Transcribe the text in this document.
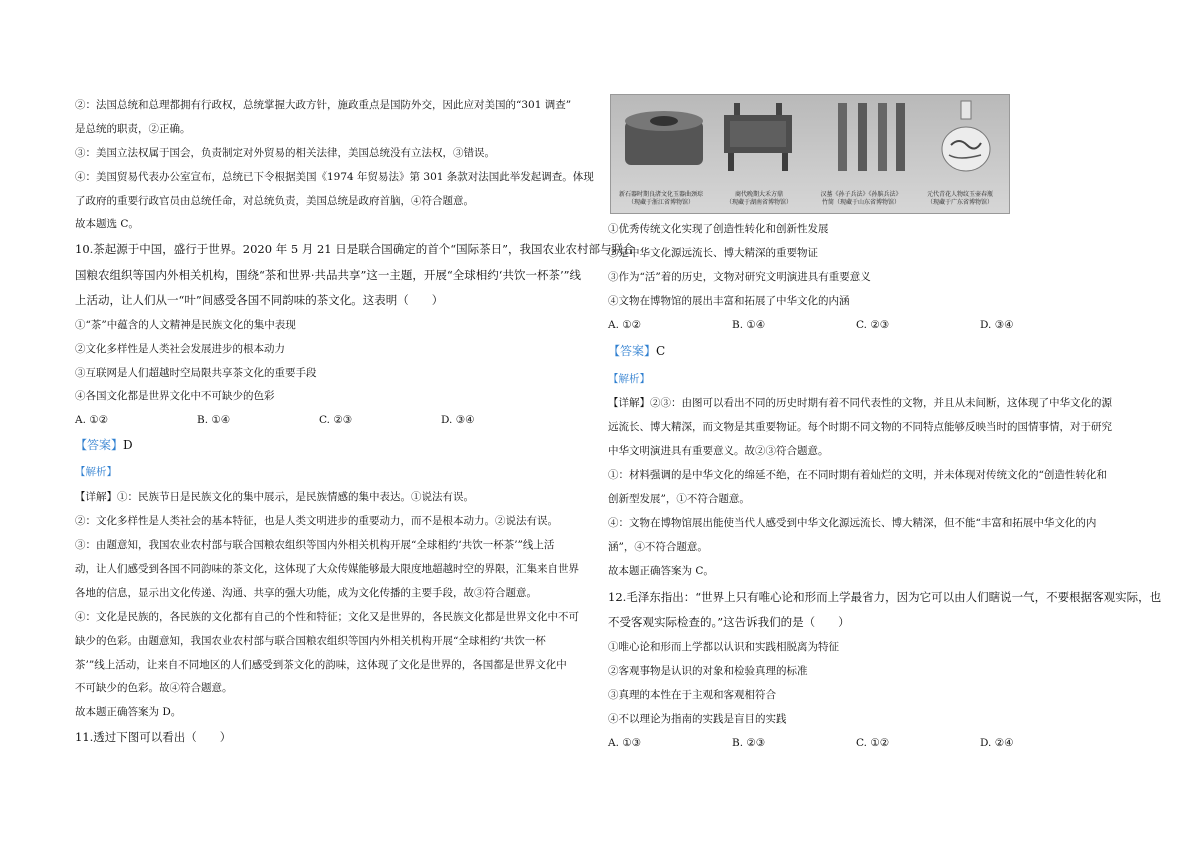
②：法国总统和总理都拥有行政权，总统掌握大政方针，施政重点是国防外交，因此应对美国的“301 调查”
是总统的职责，②正确。
③：美国立法权属于国会，负责制定对外贸易的相关法律，美国总统没有立法权，③错误。
④：美国贸易代表办公室宣布，总统已下令根据美国《1974 年贸易法》第 301 条款对法国此举发起调查。体现
了政府的重要行政官员由总统任命，对总统负责，美国总统是政府首脑，④符合题意。
故本题选 C。
10.茶起源于中国，盛行于世界。2020 年 5 月 21 日是联合国确定的首个“国际茶日”，我国农业农村部与联合
国粮农组织等国内外相关机构，围绕“茶和世界·共品共享”这一主题，开展“全球相约‘共饮一杯茶’”线
上活动，让人们从一“叶”间感受各国不同韵味的茶文化。这表明（　　）
①“茶”中蕴含的人文精神是民族文化的集中表现
②文化多样性是人类社会发展进步的根本动力
③互联网是人们超越时空局限共享茶文化的重要手段
④各国文化都是世界文化中不可缺少的色彩
A. ①②	B. ①④	C. ②③	D. ③④
【答案】D
【解析】
【详解】①：民族节日是民族文化的集中展示，是民族情感的集中表达。①说法有误。
②：文化多样性是人类社会的基本特征，也是人类文明进步的重要动力，而不是根本动力。②说法有误。
③：由题意知，我国农业农村部与联合国粮农组织等国内外相关机构开展“全球相约‘共饮一杯茶’”线上活
动，让人们感受到各国不同韵味的茶文化，这体现了大众传媒能够最大限度地超越时空的界限，汇集来自世界
各地的信息，显示出文化传递、沟通、共享的强大功能，成为文化传播的主要手段，故③符合题意。
④：文化是民族的，各民族的文化都有自己的个性和特征；文化又是世界的，各民族文化都是世界文化中不可
缺少的色彩。由题意知，我国农业农村部与联合国粮农组织等国内外相关机构开展“全球相约‘共饮一杯
茶’”线上活动，让来自不同地区的人们感受到茶文化的韵味，这体现了文化是世界的，各国都是世界文化中
不可缺少的色彩。故④符合题意。
故本题正确答案为 D。
11.透过下图可以看出（　　）
新石器时期良渚文化玉器曲颈琮
（现藏于浙江省博物馆）
商代晚期大禾方鼎
（现藏于湖南省博物馆）
汉墓《孙子兵法》《孙膑兵法》
竹简（现藏于山东省博物馆）
元代青花人物纹玉壶春瓶
（现藏于广东省博物馆）
①优秀传统文化实现了创造性转化和创新性发展
②是中华文化源远流长、博大精深的重要物证
③作为“活”着的历史，文物对研究文明演进具有重要意义
④文物在博物馆的展出丰富和拓展了中华文化的内涵
A. ①②	B. ①④	C. ②③	D. ③④
【答案】C
【解析】
【详解】②③：由图可以看出不同的历史时期有着不同代表性的文物，并且从未间断，这体现了中华文化的源
远流长、博大精深，而文物是其重要物证。每个时期不同文物的不同特点能够反映当时的国情事情，对于研究
中华文明演进具有重要意义。故②③符合题意。
①：材料强调的是中华文化的绵延不绝，在不同时期有着灿烂的文明，并未体现对传统文化的“创造性转化和
创新型发展”，①不符合题意。
④：文物在博物馆展出能使当代人感受到中华文化源远流长、博大精深，但不能“丰富和拓展中华文化的内
涵”，④不符合题意。
故本题正确答案为 C。
12.毛泽东指出：“世界上只有唯心论和形而上学最省力，因为它可以由人们瞎说一气，不要根据客观实际，也
不受客观实际检查的。”这告诉我们的是（　　）
①唯心论和形而上学都以认识和实践相脱离为特征
②客观事物是认识的对象和检验真理的标准
③真理的本性在于主观和客观相符合
④不以理论为指南的实践是盲目的实践
A. ①③	B. ②③	C. ①②	D. ②④
